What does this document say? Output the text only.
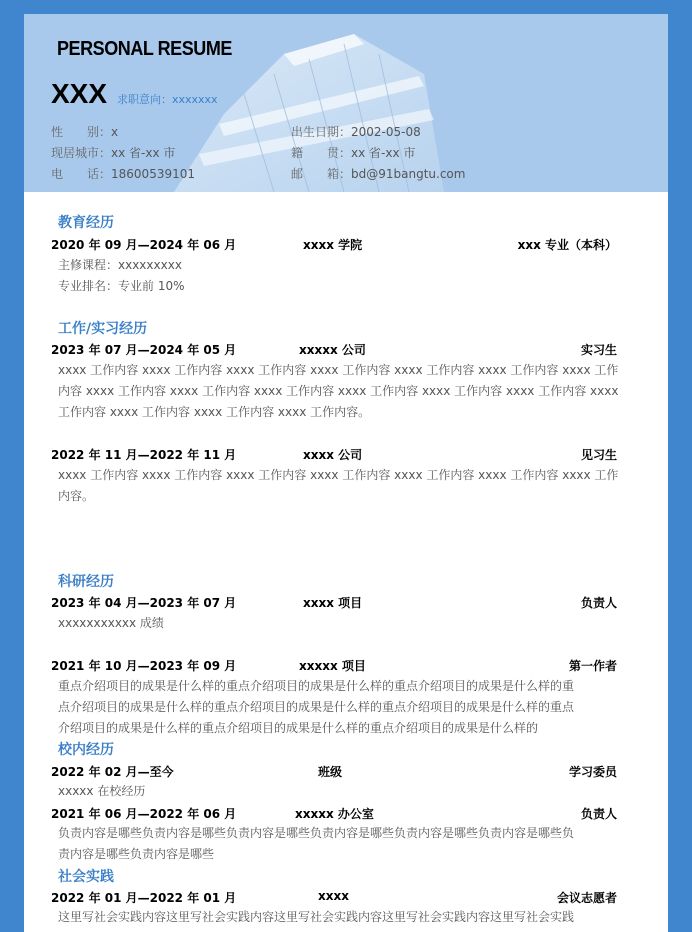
PERSONAL RESUME
XXX 求职意向：xxxxxxx
性　　别：x	出生日期：2002-05-08
现居城市：xx 省-xx 市	籍　　贯：xx 省-xx 市
电　　话：18600539101	邮　　箱：bd@91bangtu.com
教育经历
2020 年 09 月—2024 年 06 月	xxxx 学院	xxx 专业（本科）
主修课程：xxxxxxxxx
专业排名：专业前 10%
工作/实习经历
2023 年 07 月—2024 年 05 月	xxxxx 公司	实习生
xxxx 工作内容 xxxx 工作内容 xxxx 工作内容 xxxx 工作内容 xxxx 工作内容 xxxx 工作内容 xxxx 工作
内容 xxxx 工作内容 xxxx 工作内容 xxxx 工作内容 xxxx 工作内容 xxxx 工作内容 xxxx 工作内容 xxxx
工作内容 xxxx 工作内容 xxxx 工作内容 xxxx 工作内容。
2022 年 11 月—2022 年 11 月	xxxx 公司	见习生
xxxx 工作内容 xxxx 工作内容 xxxx 工作内容 xxxx 工作内容 xxxx 工作内容 xxxx 工作内容 xxxx 工作
内容。
科研经历
2023 年 04 月—2023 年 07 月	xxxx 项目	负责人
xxxxxxxxxxx 成绩
2021 年 10 月—2023 年 09 月	xxxxx 项目	第一作者
重点介绍项目的成果是什么样的重点介绍项目的成果是什么样的重点介绍项目的成果是什么样的重
点介绍项目的成果是什么样的重点介绍项目的成果是什么样的重点介绍项目的成果是什么样的重点
介绍项目的成果是什么样的重点介绍项目的成果是什么样的重点介绍项目的成果是什么样的
校内经历
2022 年 02 月—至今	班级	学习委员
xxxxx 在校经历
2021 年 06 月—2022 年 06 月	xxxxx 办公室	负责人
负责内容是哪些负责内容是哪些负责内容是哪些负责内容是哪些负责内容是哪些负责内容是哪些负
责内容是哪些负责内容是哪些
社会实践
2022 年 01 月—2022 年 01 月	xxxx	会议志愿者
这里写社会实践内容这里写社会实践内容这里写社会实践内容这里写社会实践内容这里写社会实践
